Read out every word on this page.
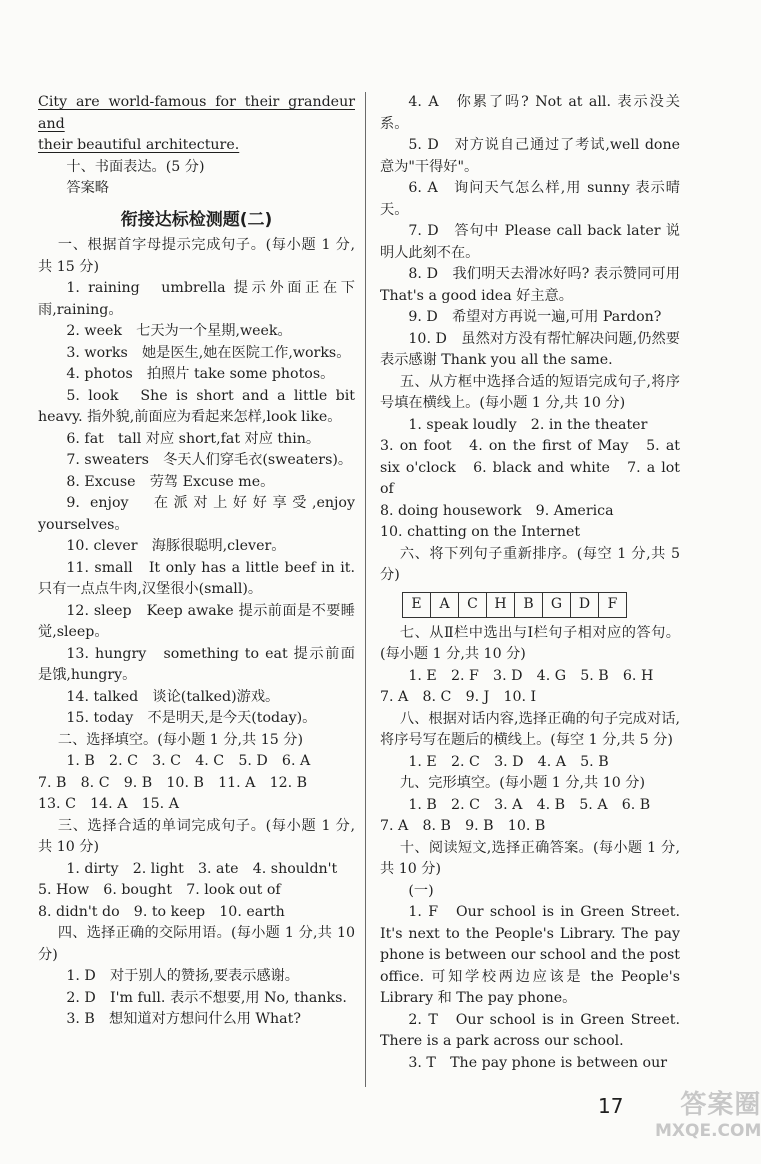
City are world-famous for their grandeur and

their beautiful architecture.

十、书面表达。(5 分)

答案略

衔接达标检测题(二)

一、根据首字母提示完成句子。(每小题 1 分,共 15 分)

1. raining　umbrella 提示外面正在下雨,raining。

2. week　七天为一个星期,week。

3. works　她是医生,她在医院工作,works。

4. photos　拍照片 take some photos。

5. look　She is short and a little bit heavy. 指外貌,前面应为看起来怎样,look like。

6. fat　tall 对应 short,fat 对应 thin。

7. sweaters　冬天人们穿毛衣(sweaters)。

8. Excuse　劳驾 Excuse me。

9. enjoy　在派对上好好享受,enjoy yourselves。

10. clever　海豚很聪明,clever。

11. small　It only has a little beef in it. 只有一点点牛肉,汉堡很小(small)。

12. sleep　Keep awake 提示前面是不要睡觉,sleep。

13. hungry　something to eat 提示前面是饿,hungry。

14. talked　谈论(talked)游戏。

15. today　不是明天,是今天(today)。

二、选择填空。(每小题 1 分,共 15 分)

1. B　2. C　3. C　4. C　5. D　6. A

7. B　8. C　9. B　10. B　11. A　12. B

13. C　14. A　15. A

三、选择合适的单词完成句子。(每小题 1 分,共 10 分)

1. dirty　2. light　3. ate　4. shouldn't

5. How　6. bought　7. look out of

8. didn't do　9. to keep　10. earth

四、选择正确的交际用语。(每小题 1 分,共 10 分)

1. D　对于别人的赞扬,要表示感谢。

2. D　I'm full. 表示不想要,用 No, thanks.

3. B　想知道对方想问什么用 What?

4. A　你累了吗? Not at all. 表示没关系。

5. D　对方说自己通过了考试,well done 意为"干得好"。

6. A　询问天气怎么样,用 sunny 表示晴天。

7. D　答句中 Please call back later 说明人此刻不在。

8. D　我们明天去滑冰好吗? 表示赞同可用 That's a good idea 好主意。

9. D　希望对方再说一遍,可用 Pardon?

10. D　虽然对方没有帮忙解决问题,仍然要表示感谢 Thank you all the same.

五、从方框中选择合适的短语完成句子,将序号填在横线上。(每小题 1 分,共 10 分)

1. speak loudly　2. in the theater

3. on foot　4. on the first of May　5. at six o'clock　6. black and white　7. a lot of

8. doing housework　9. America

10. chatting on the Internet

六、将下列句子重新排序。(每空 1 分,共 5 分)

E	A	C	H	B	G	D	F

七、从Ⅱ栏中选出与Ⅰ栏句子相对应的答句。(每小题 1 分,共 10 分)

1. E　2. F　3. D　4. G　5. B　6. H

7. A　8. C　9. J　10. I

八、根据对话内容,选择正确的句子完成对话,将序号写在题后的横线上。(每空 1 分,共 5 分)

1. E　2. C　3. D　4. A　5. B

九、完形填空。(每小题 1 分,共 10 分)

1. B　2. C　3. A　4. B　5. A　6. B

7. A　8. B　9. B　10. B

十、阅读短文,选择正确答案。(每小题 1 分,共 10 分)

(一)

1. F　Our school is in Green Street. It's next to the People's Library. The pay phone is between our school and the post office. 可知学校两边应该是 the People's Library 和 The pay phone。

2. T　Our school is in Green Street. There is a park across our school.

3. T　The pay phone is between our

17	答案圈
MXQE.COM
